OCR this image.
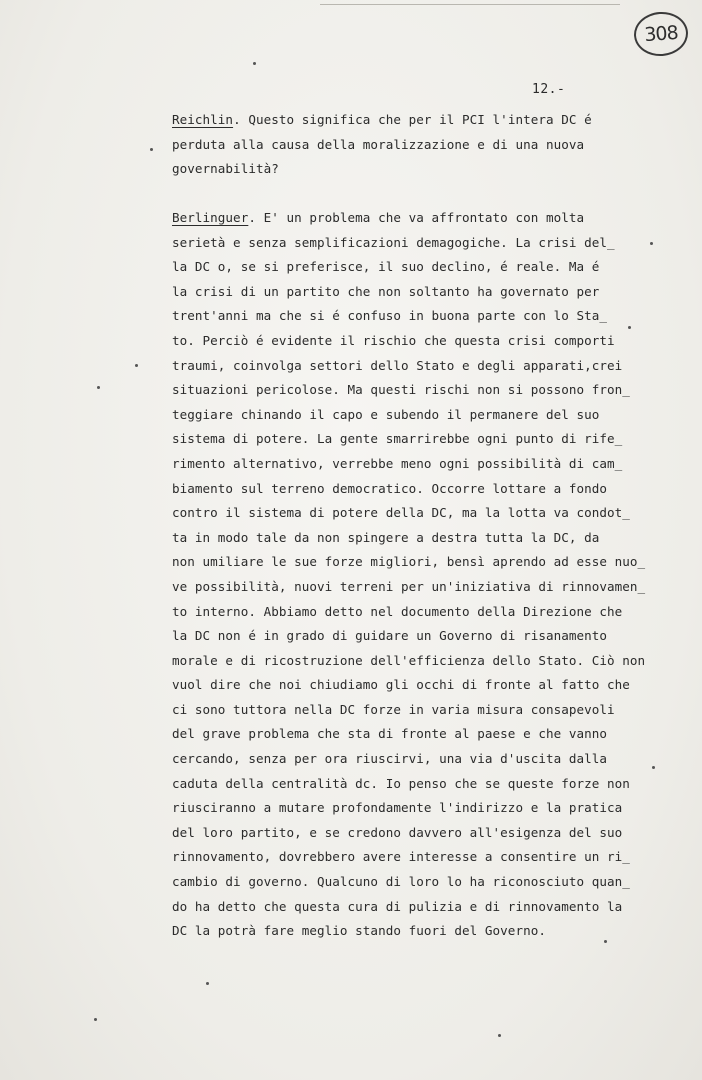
308
12.-
Reichlin. Questo significa che per il PCI l'intera DC é
perduta alla causa della moralizzazione e di una nuova
governabilità?
Berlinguer. E' un problema che va affrontato con molta
serietà e senza semplificazioni demagogiche. La crisi del_
la DC o, se si preferisce, il suo declino, é reale. Ma é
la crisi di un partito che non soltanto ha governato per
trent'anni ma che si é confuso in buona parte con lo Sta_
to. Perciò é evidente il rischio che questa crisi comporti
traumi, coinvolga settori dello Stato e degli apparati,crei
situazioni pericolose. Ma questi rischi non si possono fron_
teggiare chinando il capo e subendo il permanere del suo
sistema di potere. La gente smarrirebbe ogni punto di rife_
rimento alternativo, verrebbe meno ogni possibilità di cam_
biamento sul terreno democratico. Occorre lottare a fondo
contro il sistema di potere della DC, ma la lotta va condot_
ta in modo tale da non spingere a destra tutta la DC, da
non umiliare le sue forze migliori, bensì aprendo ad esse nuo_
ve possibilità, nuovi terreni per un'iniziativa di rinnovamen_
to interno. Abbiamo detto nel documento della Direzione che
la DC non é in grado di guidare un Governo di risanamento
morale e di ricostruzione dell'efficienza dello Stato. Ciò non
vuol dire che noi chiudiamo gli occhi di fronte al fatto che
ci sono tuttora nella DC forze in varia misura consapevoli
del grave problema che sta di fronte al paese e che vanno
cercando, senza per ora riuscirvi, una via d'uscita dalla
caduta della centralità dc. Io penso che se queste forze non
riusciranno a mutare profondamente l'indirizzo e la pratica
del loro partito, e se credono davvero all'esigenza del suo
rinnovamento, dovrebbero avere interesse a consentire un ri_
cambio di governo. Qualcuno di loro lo ha riconosciuto quan_
do ha detto che questa cura di pulizia e di rinnovamento la
DC la potrà fare meglio stando fuori del Governo.
